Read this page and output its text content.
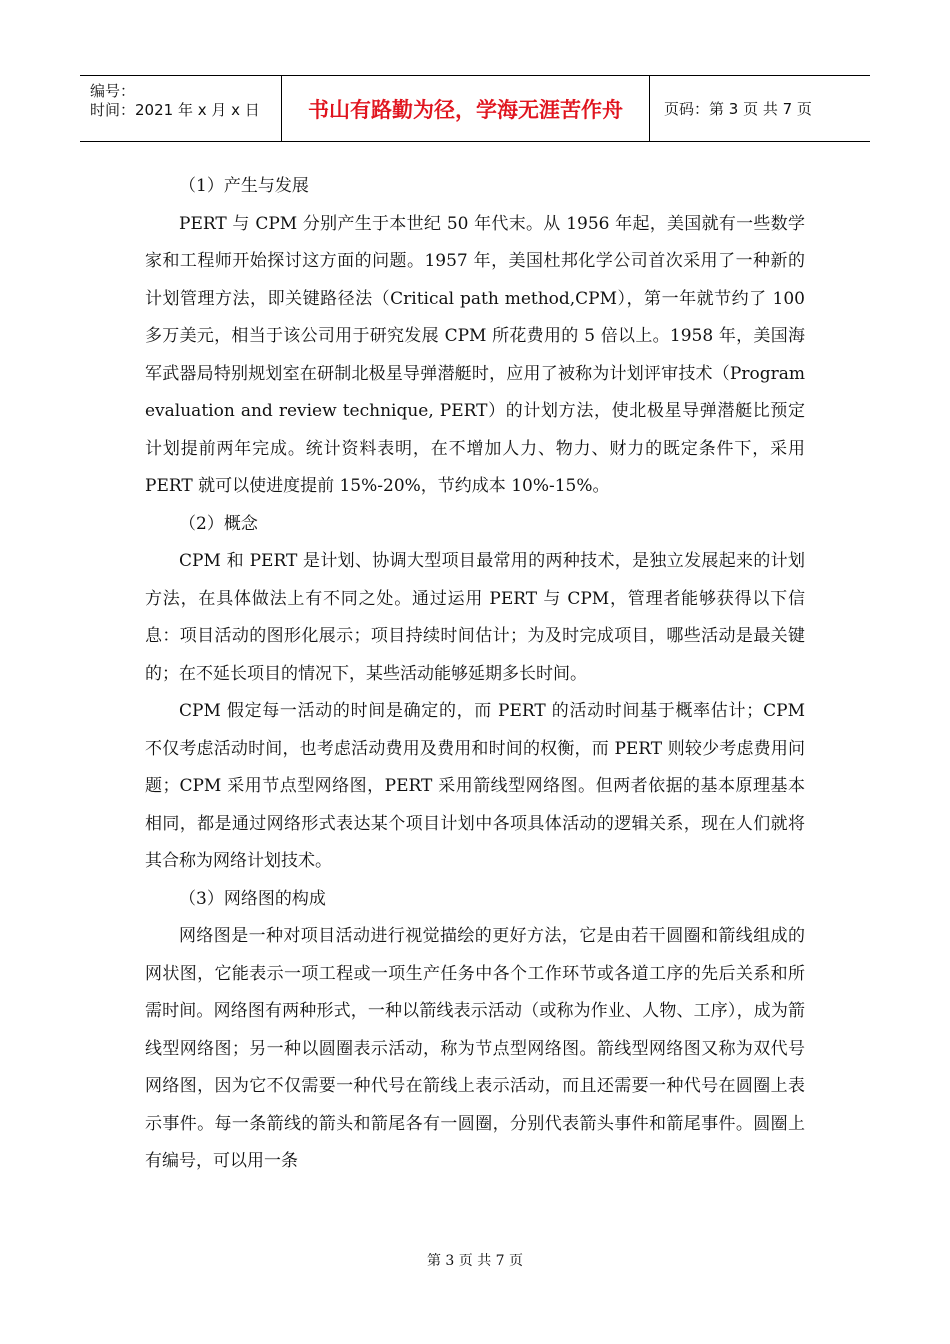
编号：
时间：2021 年 x 月 x 日	书山有路勤为径，学海无涯苦作舟	页码：第 3 页 共 7 页

（1）产生与发展

PERT 与 CPM 分别产生于本世纪 50 年代末。从 1956 年起，美国就有一些数学家和工程师开始探讨这方面的问题。1957 年，美国杜邦化学公司首次采用了一种新的计划管理方法，即关键路径法（Critical path method,CPM），第一年就节约了 100 多万美元，相当于该公司用于研究发展 CPM 所花费用的 5 倍以上。1958 年，美国海军武器局特别规划室在研制北极星导弹潜艇时，应用了被称为计划评审技术（Program evaluation and review technique, PERT）的计划方法，使北极星导弹潜艇比预定计划提前两年完成。统计资料表明，在不增加人力、物力、财力的既定条件下，采用 PERT 就可以使进度提前 15%-20%，节约成本 10%-15%。

（2）概念

CPM 和 PERT 是计划、协调大型项目最常用的两种技术，是独立发展起来的计划方法，在具体做法上有不同之处。通过运用 PERT 与 CPM，管理者能够获得以下信息：项目活动的图形化展示；项目持续时间估计；为及时完成项目，哪些活动是最关键的；在不延长项目的情况下，某些活动能够延期多长时间。

CPM 假定每一活动的时间是确定的，而 PERT 的活动时间基于概率估计；CPM 不仅考虑活动时间，也考虑活动费用及费用和时间的权衡，而 PERT 则较少考虑费用问题；CPM 采用节点型网络图，PERT 采用箭线型网络图。但两者依据的基本原理基本相同，都是通过网络形式表达某个项目计划中各项具体活动的逻辑关系，现在人们就将其合称为网络计划技术。

（3）网络图的构成

网络图是一种对项目活动进行视觉描绘的更好方法，它是由若干圆圈和箭线组成的网状图，它能表示一项工程或一项生产任务中各个工作环节或各道工序的先后关系和所需时间。网络图有两种形式，一种以箭线表示活动（或称为作业、人物、工序），成为箭线型网络图；另一种以圆圈表示活动，称为节点型网络图。箭线型网络图又称为双代号网络图，因为它不仅需要一种代号在箭线上表示活动，而且还需要一种代号在圆圈上表示事件。每一条箭线的箭头和箭尾各有一圆圈，分别代表箭头事件和箭尾事件。圆圈上有编号，可以用一条

第 3 页 共 7 页
